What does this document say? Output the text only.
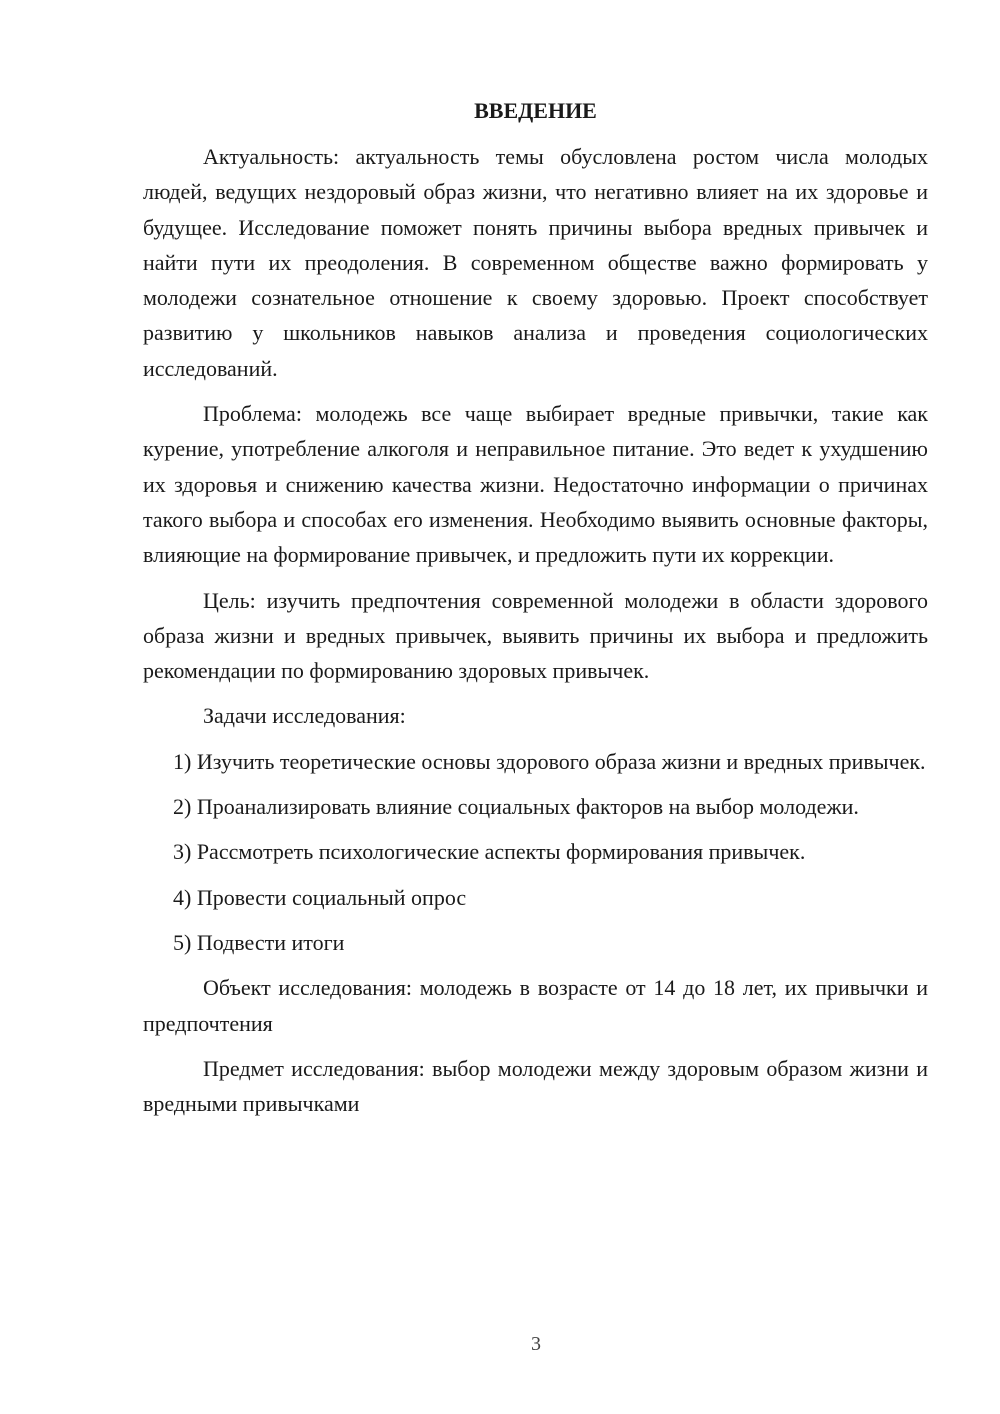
ВВЕДЕНИЕ

Актуальность: актуальность темы обусловлена ростом числа молодых людей, ведущих нездоровый образ жизни, что негативно влияет на их здоровье и будущее. Исследование поможет понять причины выбора вредных привычек и найти пути их преодоления. В современном обществе важно формировать у молодежи сознательное отношение к своему здоровью. Проект способствует развитию у школьников навыков анализа и проведения социологических исследований.

Проблема: молодежь все чаще выбирает вредные привычки, такие как курение, употребление алкоголя и неправильное питание. Это ведет к ухудшению их здоровья и снижению качества жизни. Недостаточно информации о причинах такого выбора и способах его изменения. Необходимо выявить основные факторы, влияющие на формирование привычек, и предложить пути их коррекции.

Цель: изучить предпочтения современной молодежи в области здорового образа жизни и вредных привычек, выявить причины их выбора и предложить рекомендации по формированию здоровых привычек.

Задачи исследования:

1) Изучить теоретические основы здорового образа жизни и вредных привычек.

2) Проанализировать влияние социальных факторов на выбор молодежи.

3) Рассмотреть психологические аспекты формирования привычек.

4) Провести социальный опрос

5) Подвести итоги

Объект исследования: молодежь в возрасте от 14 до 18 лет, их привычки и предпочтения

Предмет исследования: выбор молодежи между здоровым образом жизни и вредными привычками

3
